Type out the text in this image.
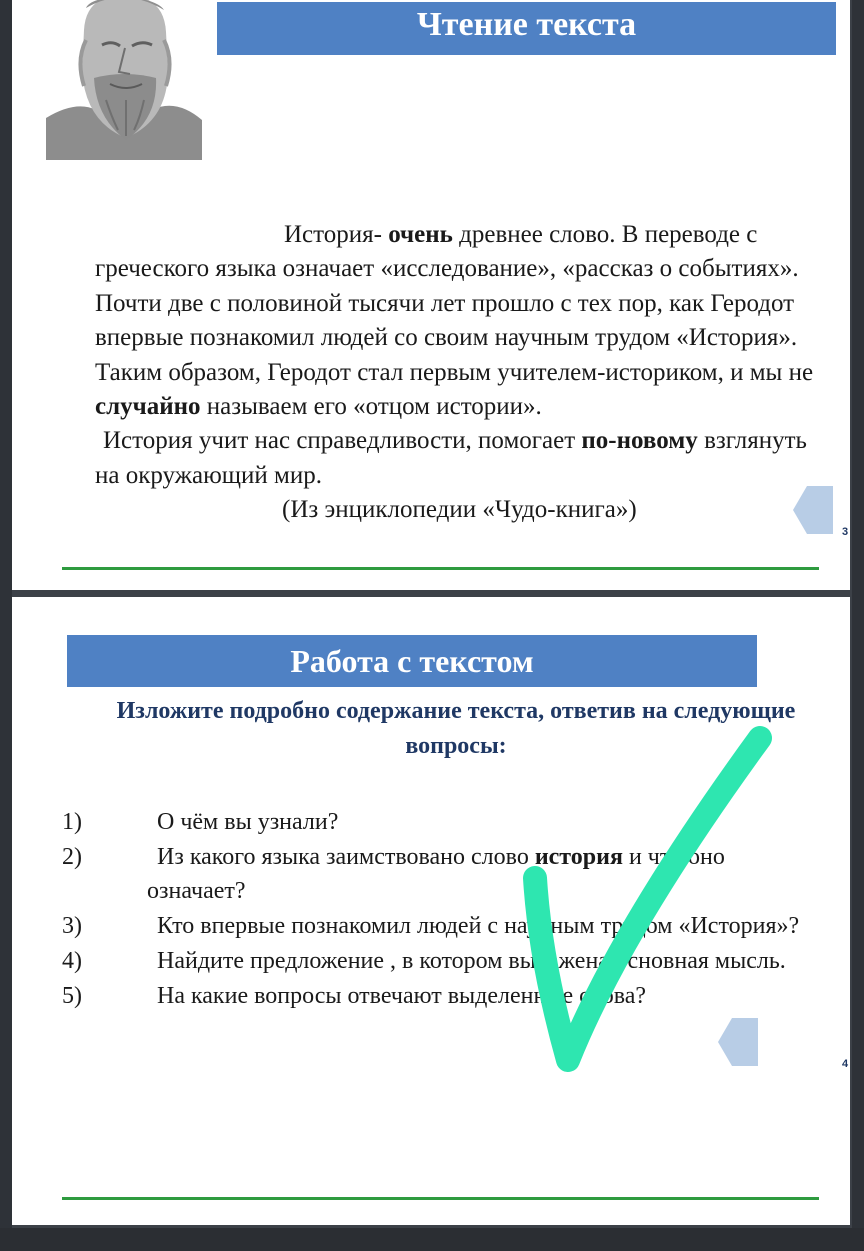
Чтение текста

История- очень древнее слово. В переводе с греческого языка означает «исследование», «рассказ о событиях». Почти две с половиной тысячи лет прошло с тех пор, как Геродот впервые познакомил людей со своим научным трудом «История». Таким образом, Геродот стал первым учителем-историком, и мы не случайно называем его «отцом истории».

История учит нас справедливости, помогает по-новому взглянуть на окружающий мир.

(Из энциклопедии «Чудо-книга»)

3
Работа с текстом
Изложите подробно содержание текста, ответив на следующие вопросы:
1)	О чём вы узнали?
2)	Из какого языка заимствовано слово история и что оно означает?
3)	Кто впервые познакомил людей с научным трудом «История»?
4)	Найдите предложение , в котором выражена основная мысль.
5)	На какие вопросы отвечают выделенные слова?
4
